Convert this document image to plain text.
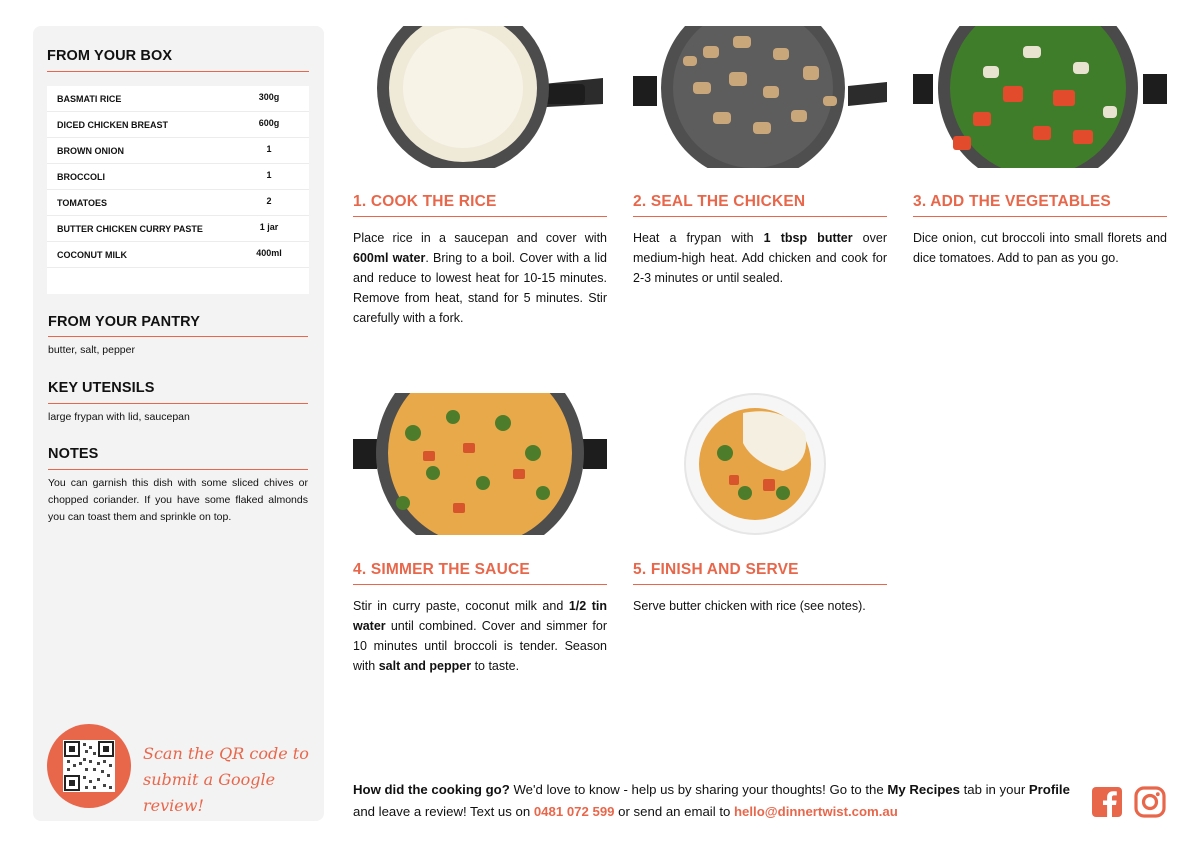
FROM YOUR BOX
BASMATI RICE	300g
DICED CHICKEN BREAST	600g
BROWN ONION	1
BROCCOLI	1
TOMATOES	2
BUTTER CHICKEN CURRY PASTE	1 jar
COCONUT MILK	400ml
FROM YOUR PANTRY
butter, salt, pepper
KEY UTENSILS
large frypan with lid, saucepan
NOTES
You can garnish this dish with some sliced chives or chopped coriander. If you have some flaked almonds you can toast them and sprinkle on top.
Scan the QR code to submit a Google review!
1. COOK THE RICE
Place rice in a saucepan and cover with 600ml water. Bring to a boil. Cover with a lid and reduce to lowest heat for 10-15 minutes. Remove from heat, stand for 5 minutes. Stir carefully with a fork.
2. SEAL THE CHICKEN
Heat a frypan with 1 tbsp butter over medium-high heat. Add chicken and cook for 2-3 minutes or until sealed.
3. ADD THE VEGETABLES
Dice onion, cut broccoli into small florets and dice tomatoes. Add to pan as you go.
4. SIMMER THE SAUCE
Stir in curry paste, coconut milk and 1/2 tin water until combined. Cover and simmer for 10 minutes until broccoli is tender. Season with salt and pepper to taste.
5. FINISH AND SERVE
Serve butter chicken with rice (see notes).
How did the cooking go? We'd love to know - help us by sharing your thoughts! Go to the My Recipes tab in your Profile and leave a review! Text us on 0481 072 599 or send an email to hello@dinnertwist.com.au
